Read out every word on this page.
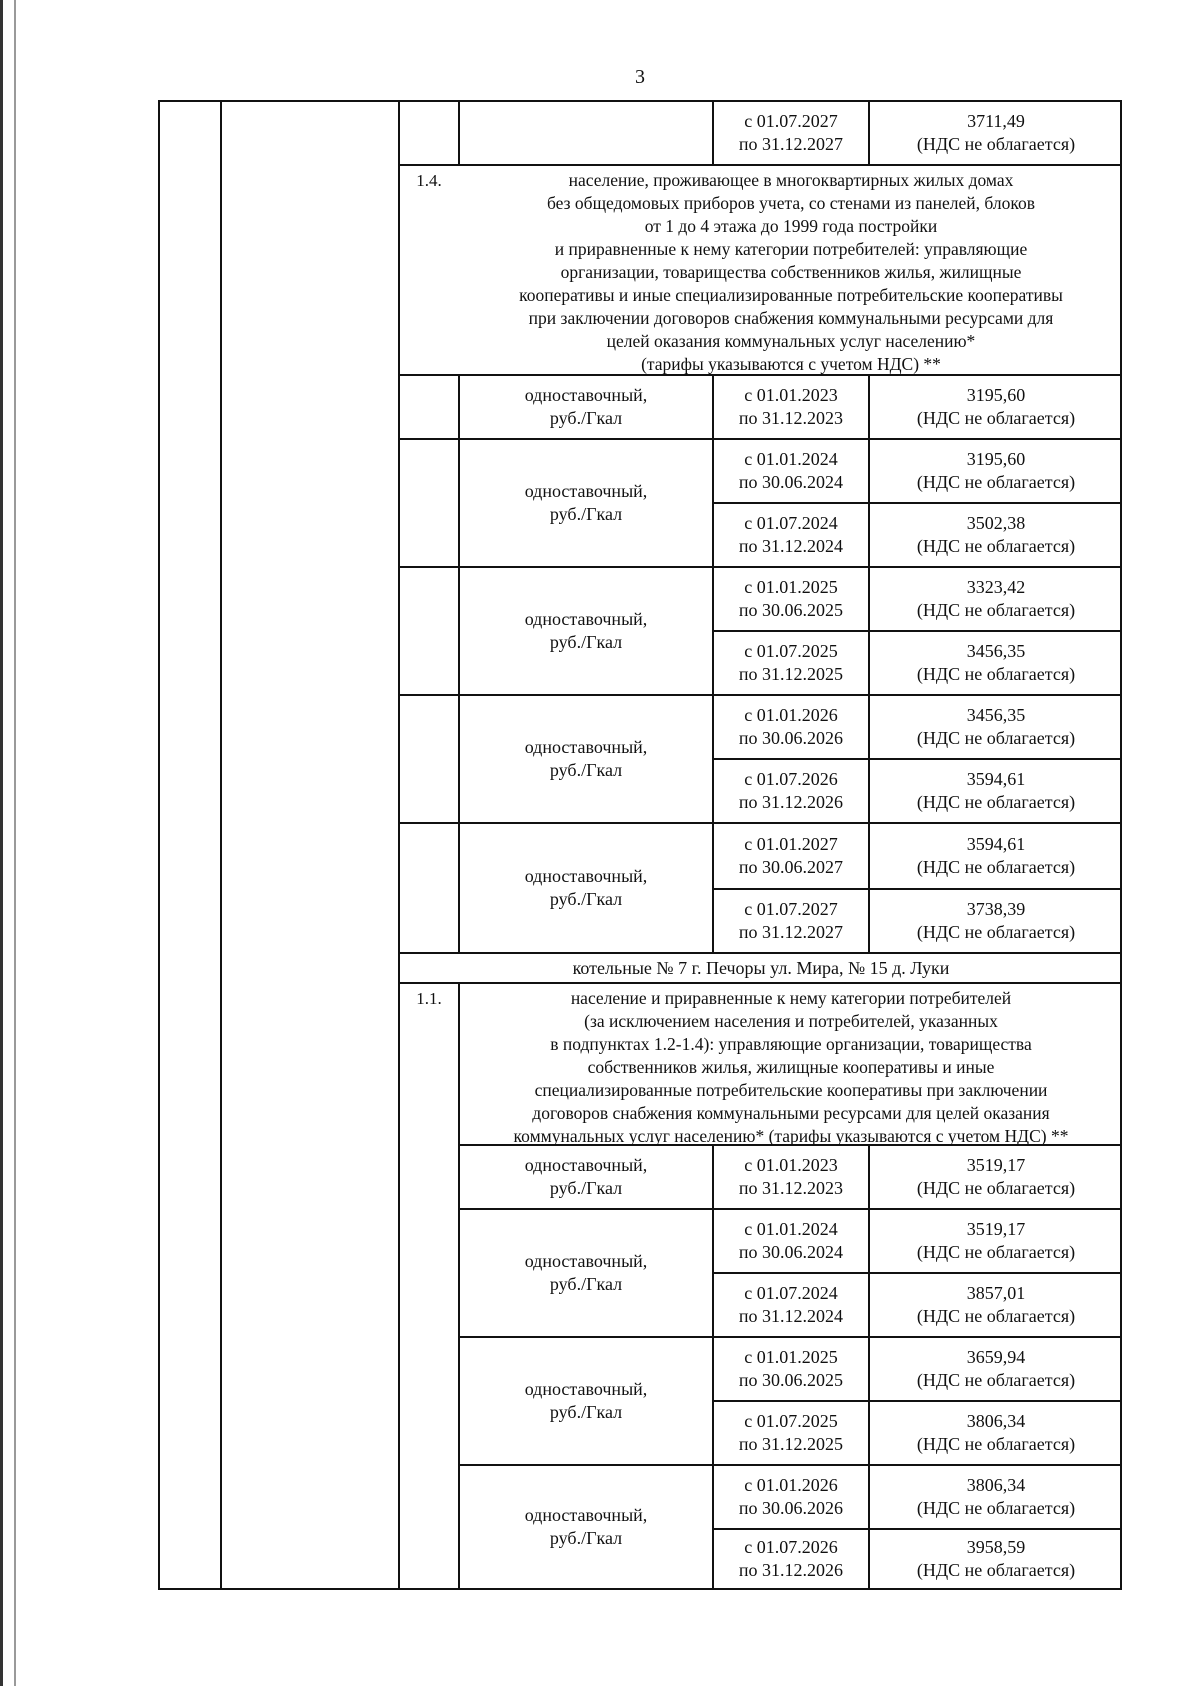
3
с 01.07.2027
по 31.12.2027
3711,49
(НДС не облагается)
1.4.	население, проживающее в многоквартирных жилых домах
без общедомовых приборов учета, со стенами из панелей, блоков
от 1 до 4 этажа до 1999 года постройки
и приравненные к нему категории потребителей: управляющие
организации, товарищества собственников жилья, жилищные
кооперативы и иные специализированные потребительские кооперативы
при заключении договоров снабжения коммунальными ресурсами для
целей оказания коммунальных услуг населению*
(тарифы указываются с учетом НДС) **
одноставочный,
руб./Гкал
одноставочный,
руб./Гкал
одноставочный,
руб./Гкал
одноставочный,
руб./Гкал
одноставочный,
руб./Гкал
с 01.01.2023
по 31.12.2023
3195,60
(НДС не облагается)
с 01.01.2024
по 30.06.2024
3195,60
(НДС не облагается)
с 01.07.2024
по 31.12.2024
3502,38
(НДС не облагается)
с 01.01.2025
по 30.06.2025
3323,42
(НДС не облагается)
с 01.07.2025
по 31.12.2025
3456,35
(НДС не облагается)
с 01.01.2026
по 30.06.2026
3456,35
(НДС не облагается)
с 01.07.2026
по 31.12.2026
3594,61
(НДС не облагается)
с 01.01.2027
по 30.06.2027
3594,61
(НДС не облагается)
с 01.07.2027
по 31.12.2027
3738,39
(НДС не облагается)
котельные № 7 г. Печоры ул. Мира, № 15 д. Луки
1.1.	население и приравненные к нему категории потребителей
(за исключением населения и потребителей, указанных
в подпунктах 1.2-1.4): управляющие организации, товарищества
собственников жилья, жилищные кооперативы и иные
специализированные потребительские кооперативы при заключении
договоров снабжения коммунальными ресурсами для целей оказания
коммунальных услуг населению* (тарифы указываются с учетом НДС) **
одноставочный,
руб./Гкал
одноставочный,
руб./Гкал
одноставочный,
руб./Гкал
одноставочный,
руб./Гкал
с 01.01.2023
по 31.12.2023
3519,17
(НДС не облагается)
с 01.01.2024
по 30.06.2024
3519,17
(НДС не облагается)
с 01.07.2024
по 31.12.2024
3857,01
(НДС не облагается)
с 01.01.2025
по 30.06.2025
3659,94
(НДС не облагается)
с 01.07.2025
по 31.12.2025
3806,34
(НДС не облагается)
с 01.01.2026
по 30.06.2026
3806,34
(НДС не облагается)
с 01.07.2026
по 31.12.2026
3958,59
(НДС не облагается)
